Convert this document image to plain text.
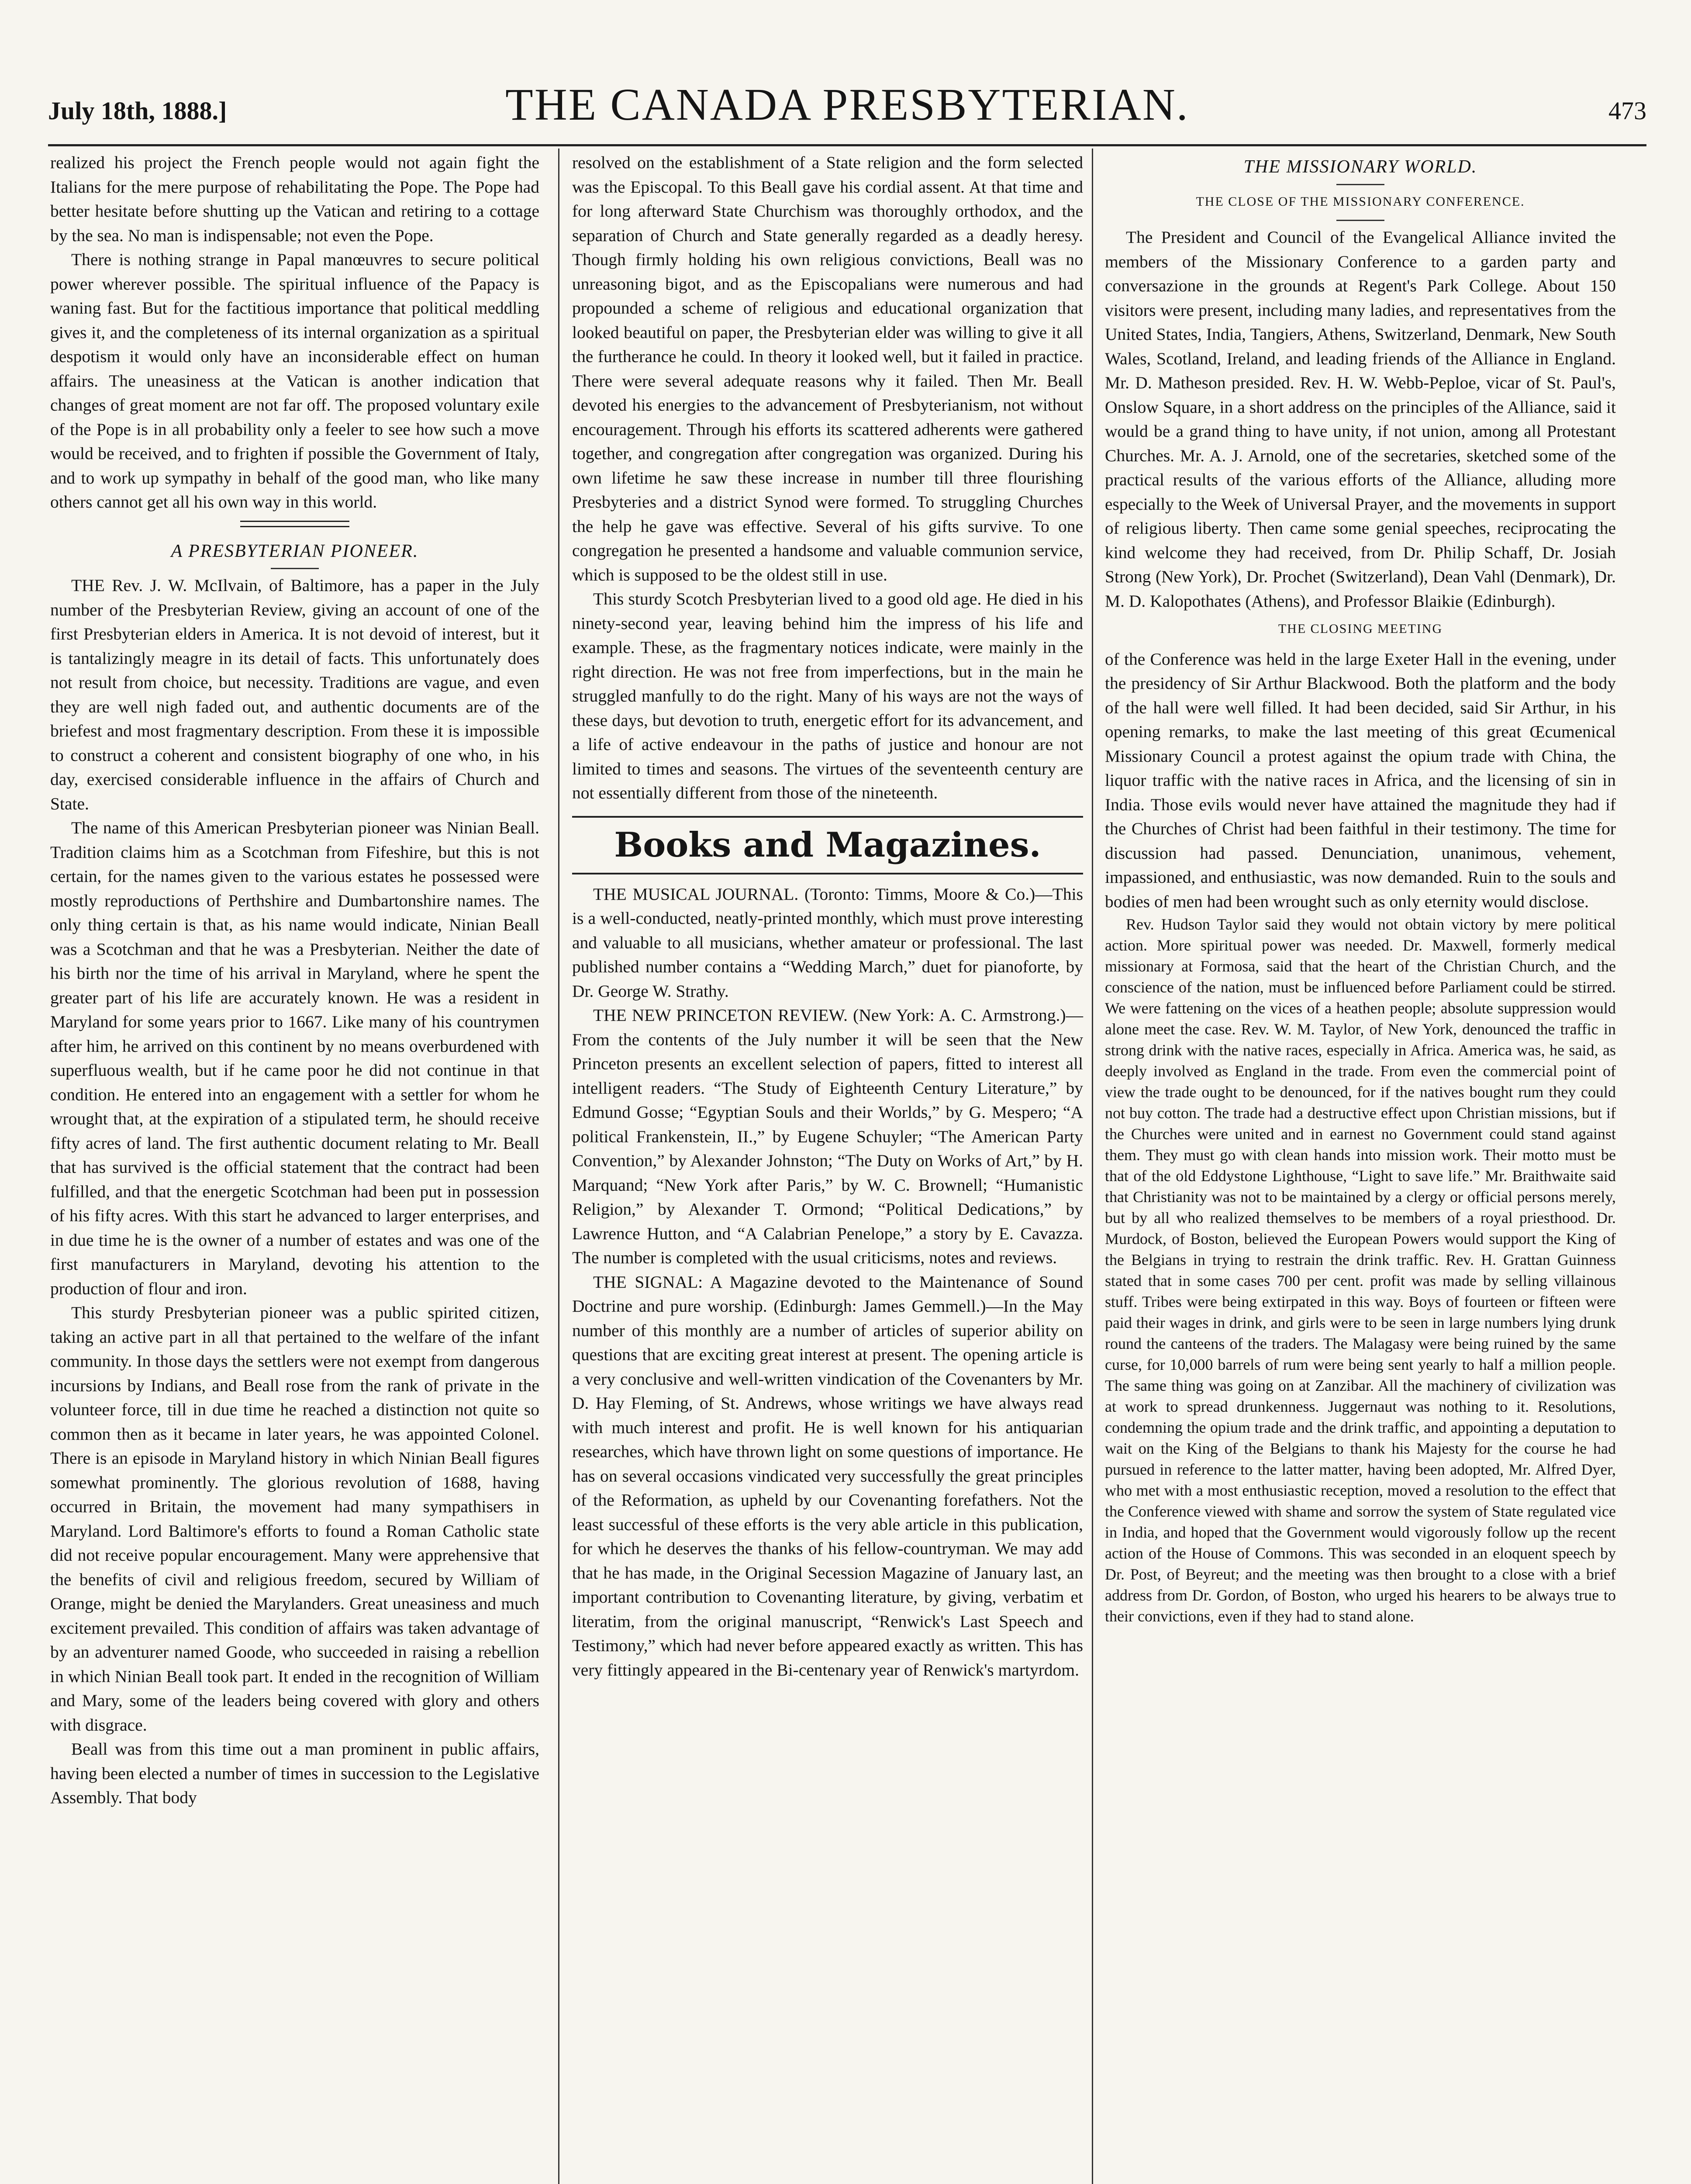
July 18th, 1888.]	THE CANADA PRESBYTERIAN.	473

realized his project the French people would not again fight the Italians for the mere purpose of rehabilitating the Pope. The Pope had better hesitate before shutting up the Vatican and retiring to a cottage by the sea. No man is indispensable; not even the Pope.

There is nothing strange in Papal manœuvres to secure political power wherever possible. The spiritual influence of the Papacy is waning fast. But for the factitious importance that political meddling gives it, and the completeness of its internal organization as a spiritual despotism it would only have an inconsiderable effect on human affairs. The uneasiness at the Vatican is another indication that changes of great moment are not far off. The proposed voluntary exile of the Pope is in all probability only a feeler to see how such a move would be received, and to frighten if possible the Government of Italy, and to work up sympathy in behalf of the good man, who like many others cannot get all his own way in this world.

A PRESBYTERIAN PIONEER.

THE Rev. J. W. McIlvain, of Baltimore, has a paper in the July number of the Presbyterian Review, giving an account of one of the first Presbyterian elders in America. It is not devoid of interest, but it is tantalizingly meagre in its detail of facts. This unfortunately does not result from choice, but necessity. Traditions are vague, and even they are well nigh faded out, and authentic documents are of the briefest and most fragmentary description. From these it is impossible to construct a coherent and consistent biography of one who, in his day, exercised considerable influence in the affairs of Church and State.

The name of this American Presbyterian pioneer was Ninian Beall. Tradition claims him as a Scotchman from Fifeshire, but this is not certain, for the names given to the various estates he possessed were mostly reproductions of Perthshire and Dumbartonshire names. The only thing certain is that, as his name would indicate, Ninian Beall was a Scotchman and that he was a Presbyterian. Neither the date of his birth nor the time of his arrival in Maryland, where he spent the greater part of his life are accurately known. He was a resident in Maryland for some years prior to 1667. Like many of his countrymen after him, he arrived on this continent by no means overburdened with superfluous wealth, but if he came poor he did not continue in that condition. He entered into an engagement with a settler for whom he wrought that, at the expiration of a stipulated term, he should receive fifty acres of land. The first authentic document relating to Mr. Beall that has survived is the official statement that the contract had been fulfilled, and that the energetic Scotchman had been put in possession of his fifty acres. With this start he advanced to larger enterprises, and in due time he is the owner of a number of estates and was one of the first manufacturers in Maryland, devoting his attention to the production of flour and iron.

This sturdy Presbyterian pioneer was a public spirited citizen, taking an active part in all that pertained to the welfare of the infant community. In those days the settlers were not exempt from dangerous incursions by Indians, and Beall rose from the rank of private in the volunteer force, till in due time he reached a distinction not quite so common then as it became in later years, he was appointed Colonel. There is an episode in Maryland history in which Ninian Beall figures somewhat prominently. The glorious revolution of 1688, having occurred in Britain, the movement had many sympathisers in Maryland. Lord Baltimore's efforts to found a Roman Catholic state did not receive popular encouragement. Many were apprehensive that the benefits of civil and religious freedom, secured by William of Orange, might be denied the Marylanders. Great uneasiness and much excitement prevailed. This condition of affairs was taken advantage of by an adventurer named Goode, who succeeded in raising a rebellion in which Ninian Beall took part. It ended in the recognition of William and Mary, some of the leaders being covered with glory and others with disgrace.

Beall was from this time out a man prominent in public affairs, having been elected a number of times in succession to the Legislative Assembly. That body

resolved on the establishment of a State religion and the form selected was the Episcopal. To this Beall gave his cordial assent. At that time and for long afterward State Churchism was thoroughly orthodox, and the separation of Church and State generally regarded as a deadly heresy. Though firmly holding his own religious convictions, Beall was no unreasoning bigot, and as the Episcopalians were numerous and had propounded a scheme of religious and educational organization that looked beautiful on paper, the Presbyterian elder was willing to give it all the furtherance he could. In theory it looked well, but it failed in practice. There were several adequate reasons why it failed. Then Mr. Beall devoted his energies to the advancement of Presbyterianism, not without encouragement. Through his efforts its scattered adherents were gathered together, and congregation after congregation was organized. During his own lifetime he saw these increase in number till three flourishing Presbyteries and a district Synod were formed. To struggling Churches the help he gave was effective. Several of his gifts survive. To one congregation he presented a handsome and valuable communion service, which is supposed to be the oldest still in use.

This sturdy Scotch Presbyterian lived to a good old age. He died in his ninety-second year, leaving behind him the impress of his life and example. These, as the fragmentary notices indicate, were mainly in the right direction. He was not free from imperfections, but in the main he struggled manfully to do the right. Many of his ways are not the ways of these days, but devotion to truth, energetic effort for its advancement, and a life of active endeavour in the paths of justice and honour are not limited to times and seasons. The virtues of the seventeenth century are not essentially different from those of the nineteenth.

Books and Magazines.

THE MUSICAL JOURNAL. (Toronto: Timms, Moore & Co.)—This is a well-conducted, neatly-printed monthly, which must prove interesting and valuable to all musicians, whether amateur or professional. The last published number contains a “Wedding March,” duet for pianoforte, by Dr. George W. Strathy.

THE NEW PRINCETON REVIEW. (New York: A. C. Armstrong.)—From the contents of the July number it will be seen that the New Princeton presents an excellent selection of papers, fitted to interest all intelligent readers. “The Study of Eighteenth Century Literature,” by Edmund Gosse; “Egyptian Souls and their Worlds,” by G. Mespero; “A political Frankenstein, II.,” by Eugene Schuyler; “The American Party Convention,” by Alexander Johnston; “The Duty on Works of Art,” by H. Marquand; “New York after Paris,” by W. C. Brownell; “Humanistic Religion,” by Alexander T. Ormond; “Political Dedications,” by Lawrence Hutton, and “A Calabrian Penelope,” a story by E. Cavazza. The number is completed with the usual criticisms, notes and reviews.

THE SIGNAL: A Magazine devoted to the Maintenance of Sound Doctrine and pure worship. (Edinburgh: James Gemmell.)—In the May number of this monthly are a number of articles of superior ability on questions that are exciting great interest at present. The opening article is a very conclusive and well-written vindication of the Covenanters by Mr. D. Hay Fleming, of St. Andrews, whose writings we have always read with much interest and profit. He is well known for his antiquarian researches, which have thrown light on some questions of importance. He has on several occasions vindicated very successfully the great principles of the Reformation, as upheld by our Covenanting forefathers. Not the least successful of these efforts is the very able article in this publication, for which he deserves the thanks of his fellow-countryman. We may add that he has made, in the Original Secession Magazine of January last, an important contribution to Covenanting literature, by giving, verbatim et literatim, from the original manuscript, “Renwick's Last Speech and Testimony,” which had never before appeared exactly as written. This has very fittingly appeared in the Bi-centenary year of Renwick's martyrdom.

THE MISSIONARY WORLD.
THE CLOSE OF THE MISSIONARY CONFERENCE.

The President and Council of the Evangelical Alliance invited the members of the Missionary Conference to a garden party and conversazione in the grounds at Regent's Park College. About 150 visitors were present, including many ladies, and representatives from the United States, India, Tangiers, Athens, Switzerland, Denmark, New South Wales, Scotland, Ireland, and leading friends of the Alliance in England. Mr. D. Matheson presided. Rev. H. W. Webb-Peploe, vicar of St. Paul's, Onslow Square, in a short address on the principles of the Alliance, said it would be a grand thing to have unity, if not union, among all Protestant Churches. Mr. A. J. Arnold, one of the secretaries, sketched some of the practical results of the various efforts of the Alliance, alluding more especially to the Week of Universal Prayer, and the movements in support of religious liberty. Then came some genial speeches, reciprocating the kind welcome they had received, from Dr. Philip Schaff, Dr. Josiah Strong (New York), Dr. Prochet (Switzerland), Dean Vahl (Denmark), Dr. M. D. Kalopothates (Athens), and Professor Blaikie (Edinburgh).

THE CLOSING MEETING

of the Conference was held in the large Exeter Hall in the evening, under the presidency of Sir Arthur Blackwood. Both the platform and the body of the hall were well filled. It had been decided, said Sir Arthur, in his opening remarks, to make the last meeting of this great Œcumenical Missionary Council a protest against the opium trade with China, the liquor traffic with the native races in Africa, and the licensing of sin in India. Those evils would never have attained the magnitude they had if the Churches of Christ had been faithful in their testimony. The time for discussion had passed. Denunciation, unanimous, vehement, impassioned, and enthusiastic, was now demanded. Ruin to the souls and bodies of men had been wrought such as only eternity would disclose.

Rev. Hudson Taylor said they would not obtain victory by mere political action. More spiritual power was needed. Dr. Maxwell, formerly medical missionary at Formosa, said that the heart of the Christian Church, and the conscience of the nation, must be influenced before Parliament could be stirred. We were fattening on the vices of a heathen people; absolute suppression would alone meet the case. Rev. W. M. Taylor, of New York, denounced the traffic in strong drink with the native races, especially in Africa. America was, he said, as deeply involved as England in the trade. From even the commercial point of view the trade ought to be denounced, for if the natives bought rum they could not buy cotton. The trade had a destructive effect upon Christian missions, but if the Churches were united and in earnest no Government could stand against them. They must go with clean hands into mission work. Their motto must be that of the old Eddystone Lighthouse, “Light to save life.” Mr. Braithwaite said that Christianity was not to be maintained by a clergy or official persons merely, but by all who realized themselves to be members of a royal priesthood. Dr. Murdock, of Boston, believed the European Powers would support the King of the Belgians in trying to restrain the drink traffic. Rev. H. Grattan Guinness stated that in some cases 700 per cent. profit was made by selling villainous stuff. Tribes were being extirpated in this way. Boys of fourteen or fifteen were paid their wages in drink, and girls were to be seen in large numbers lying drunk round the canteens of the traders. The Malagasy were being ruined by the same curse, for 10,000 barrels of rum were being sent yearly to half a million people. The same thing was going on at Zanzibar. All the machinery of civilization was at work to spread drunkenness. Juggernaut was nothing to it. Resolutions, condemning the opium trade and the drink traffic, and appointing a deputation to wait on the King of the Belgians to thank his Majesty for the course he had pursued in reference to the latter matter, having been adopted, Mr. Alfred Dyer, who met with a most enthusiastic reception, moved a resolution to the effect that the Conference viewed with shame and sorrow the system of State regulated vice in India, and hoped that the Government would vigorously follow up the recent action of the House of Commons. This was seconded in an eloquent speech by Dr. Post, of Beyreut; and the meeting was then brought to a close with a brief address from Dr. Gordon, of Boston, who urged his hearers to be always true to their convictions, even if they had to stand alone.
